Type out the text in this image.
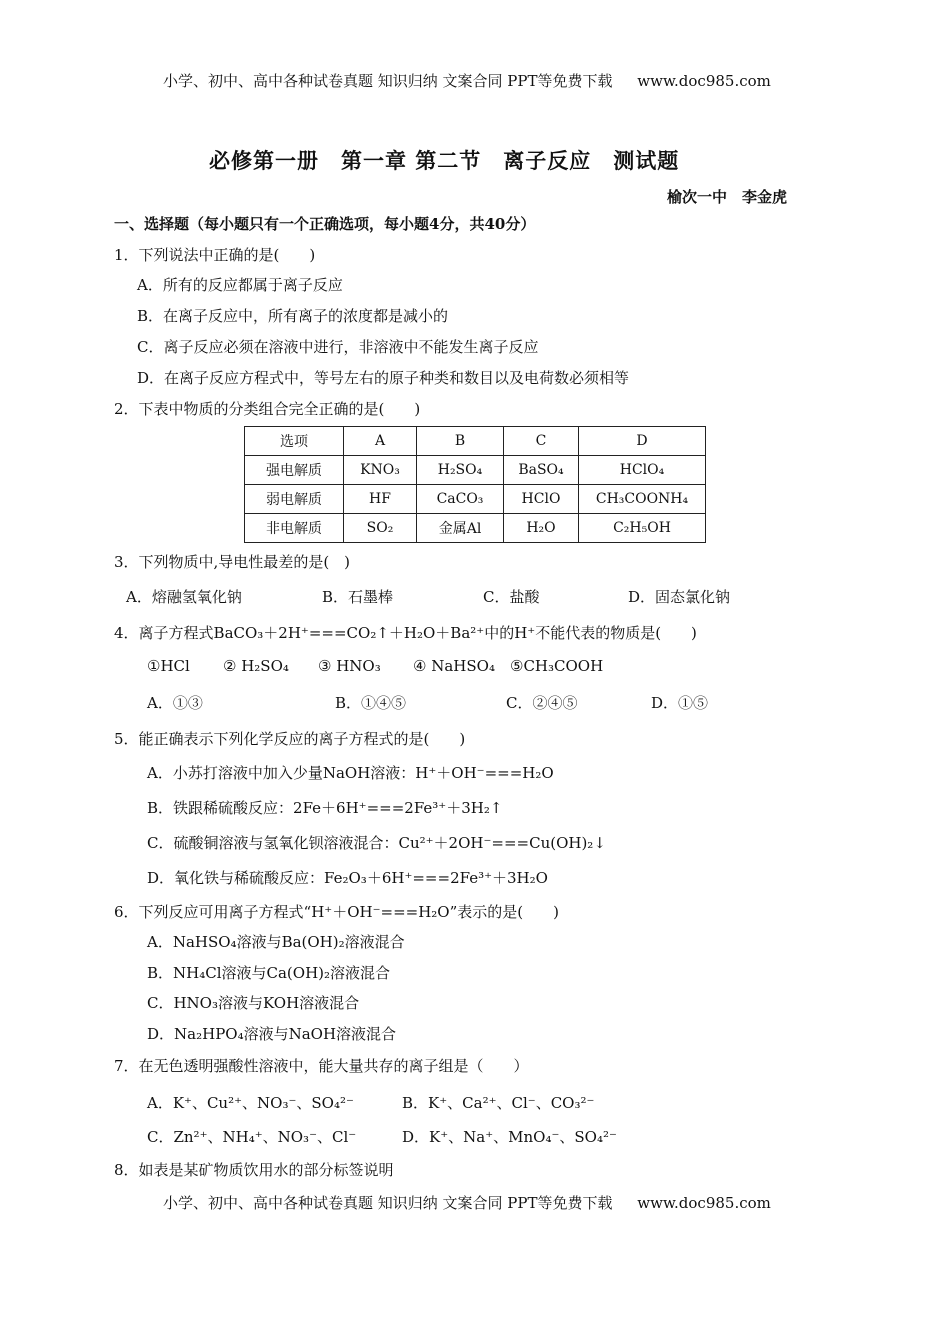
小学、初中、高中各种试卷真题 知识归纳 文案合同 PPT等免费下载 www.doc985.com
必修第一册　第一章 第二节　离子反应　测试题
榆次一中　李金虎
一、选择题（每小题只有一个正确选项，每小题4分，共40分）
1．下列说法中正确的是(　　)
A．所有的反应都属于离子反应
B．在离子反应中，所有离子的浓度都是减小的
C．离子反应必须在溶液中进行，非溶液中不能发生离子反应
D．在离子反应方程式中，等号左右的原子种类和数目以及电荷数必须相等
2．下表中物质的分类组合完全正确的是(　　)
选项	A	B	C	D
强电解质	KNO₃	H₂SO₄	BaSO₄	HClO₄
弱电解质	HF	CaCO₃	HClO	CH₃COONH₄
非电解质	SO₂	金属Al	H₂O	C₂H₅OH
3．下列物质中,导电性最差的是(　)
A．熔融氢氧化钠	B．石墨棒	C．盐酸	D．固态氯化钠
4．离子方程式BaCO₃＋2H⁺===CO₂↑＋H₂O＋Ba²⁺中的H⁺不能代表的物质是(　　)
①HCl ② H₂SO₄ ③ HNO₃ ④ NaHSO₄ ⑤CH₃COOH
A．①③	B．①④⑤	C．②④⑤	D．①⑤
5．能正确表示下列化学反应的离子方程式的是(　　)
A．小苏打溶液中加入少量NaOH溶液：H⁺＋OH⁻===H₂O
B．铁跟稀硫酸反应：2Fe＋6H⁺===2Fe³⁺＋3H₂↑
C．硫酸铜溶液与氢氧化钡溶液混合：Cu²⁺＋2OH⁻===Cu(OH)₂↓
D．氧化铁与稀硫酸反应：Fe₂O₃＋6H⁺===2Fe³⁺＋3H₂O
6．下列反应可用离子方程式“H⁺＋OH⁻===H₂O”表示的是(　　)
A．NaHSO₄溶液与Ba(OH)₂溶液混合
B．NH₄Cl溶液与Ca(OH)₂溶液混合
C．HNO₃溶液与KOH溶液混合
D．Na₂HPO₄溶液与NaOH溶液混合
7．在无色透明强酸性溶液中，能大量共存的离子组是（　　）
A．K⁺、Cu²⁺、NO₃⁻、SO₄²⁻	B．K⁺、Ca²⁺、Cl⁻、CO₃²⁻
C．Zn²⁺、NH₄⁺、NO₃⁻、Cl⁻	D．K⁺、Na⁺、MnO₄⁻、SO₄²⁻
8．如表是某矿物质饮用水的部分标签说明
小学、初中、高中各种试卷真题 知识归纳 文案合同 PPT等免费下载 www.doc985.com
